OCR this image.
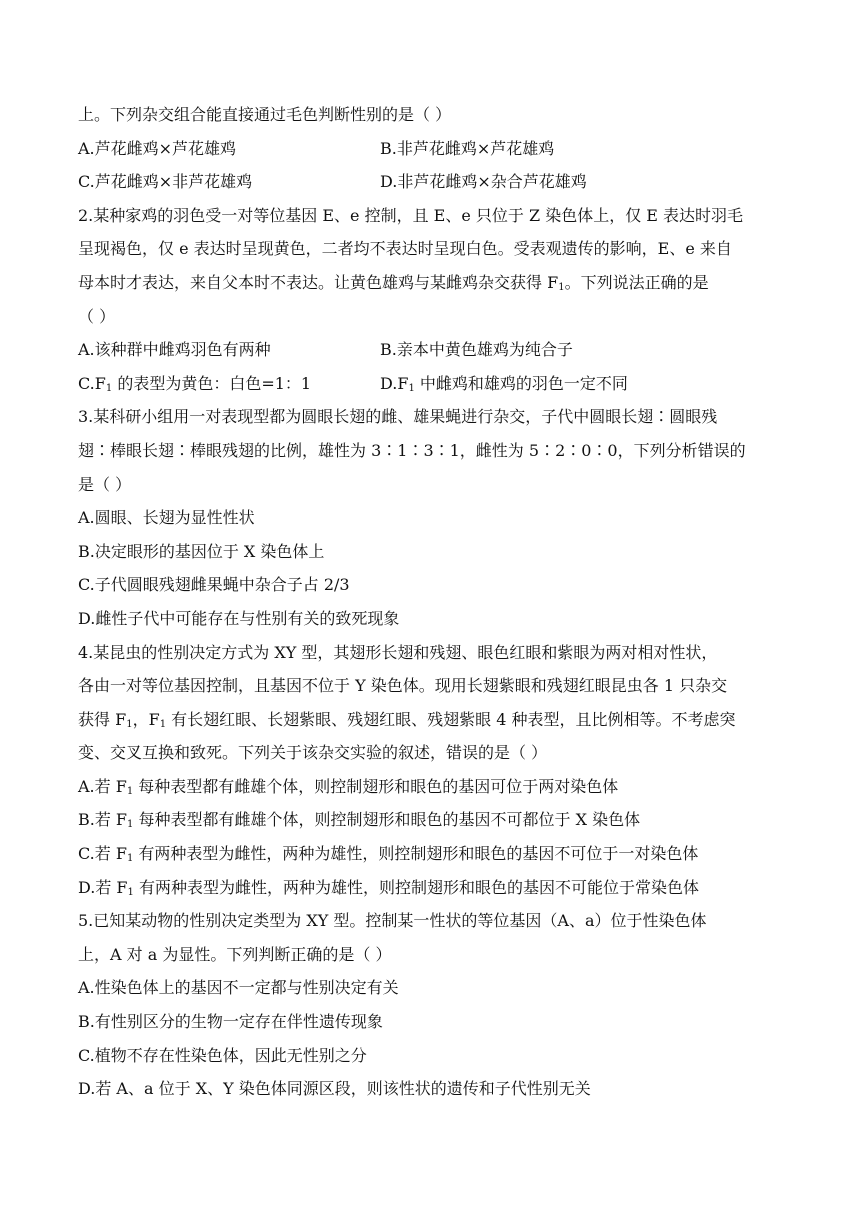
上。下列杂交组合能直接通过毛色判断性别的是（ ）
A.芦花雌鸡×芦花雄鸡	B.非芦花雌鸡×芦花雄鸡
C.芦花雌鸡×非芦花雄鸡	D.非芦花雌鸡×杂合芦花雄鸡
2.某种家鸡的羽色受一对等位基因 E、e 控制，且 E、e 只位于 Z 染色体上，仅 E 表达时羽毛
呈现褐色，仅 e 表达时呈现黄色，二者均不表达时呈现白色。受表观遗传的影响，E、e 来自
母本时才表达，来自父本时不表达。让黄色雄鸡与某雌鸡杂交获得 $F_1$。下列说法正确的是
（ ）
A.该种群中雌鸡羽色有两种	B.亲本中黄色雄鸡为纯合子
$C.F_1$ 的表型为黄色：白色=1：1	$D.F_1$ 中雌鸡和雄鸡的羽色一定不同
3.某科研小组用一对表现型都为圆眼长翅的雌、雄果蝇进行杂交，子代中圆眼长翅∶圆眼残
翅∶棒眼长翅∶棒眼残翅的比例，雄性为 3∶1∶3∶1，雌性为 5∶2∶0∶0，下列分析错误的
是（ ）
A.圆眼、长翅为显性性状
B.决定眼形的基因位于 X 染色体上
C.子代圆眼残翅雌果蝇中杂合子占 2/3
D.雌性子代中可能存在与性别有关的致死现象
4.某昆虫的性别决定方式为 XY 型，其翅形长翅和残翅、眼色红眼和紫眼为两对相对性状，
各由一对等位基因控制，且基因不位于 Y 染色体。现用长翅紫眼和残翅红眼昆虫各 1 只杂交
获得 $F_1$，$F_1$ 有长翅红眼、长翅紫眼、残翅红眼、残翅紫眼 4 种表型，且比例相等。不考虑突
变、交叉互换和致死。下列关于该杂交实验的叙述，错误的是（ ）
A.若 $F_1$ 每种表型都有雌雄个体，则控制翅形和眼色的基因可位于两对染色体
B.若 $F_1$ 每种表型都有雌雄个体，则控制翅形和眼色的基因不可都位于 X 染色体
C.若 $F_1$ 有两种表型为雌性，两种为雄性，则控制翅形和眼色的基因不可位于一对染色体
D.若 $F_1$ 有两种表型为雌性，两种为雄性，则控制翅形和眼色的基因不可能位于常染色体
5.已知某动物的性别决定类型为 XY 型。控制某一性状的等位基因（A、a）位于性染色体
上，A 对 a 为显性。下列判断正确的是（ ）
A.性染色体上的基因不一定都与性别决定有关
B.有性别区分的生物一定存在伴性遗传现象
C.植物不存在性染色体，因此无性别之分
D.若 A、a 位于 X、Y 染色体同源区段，则该性状的遗传和子代性别无关
